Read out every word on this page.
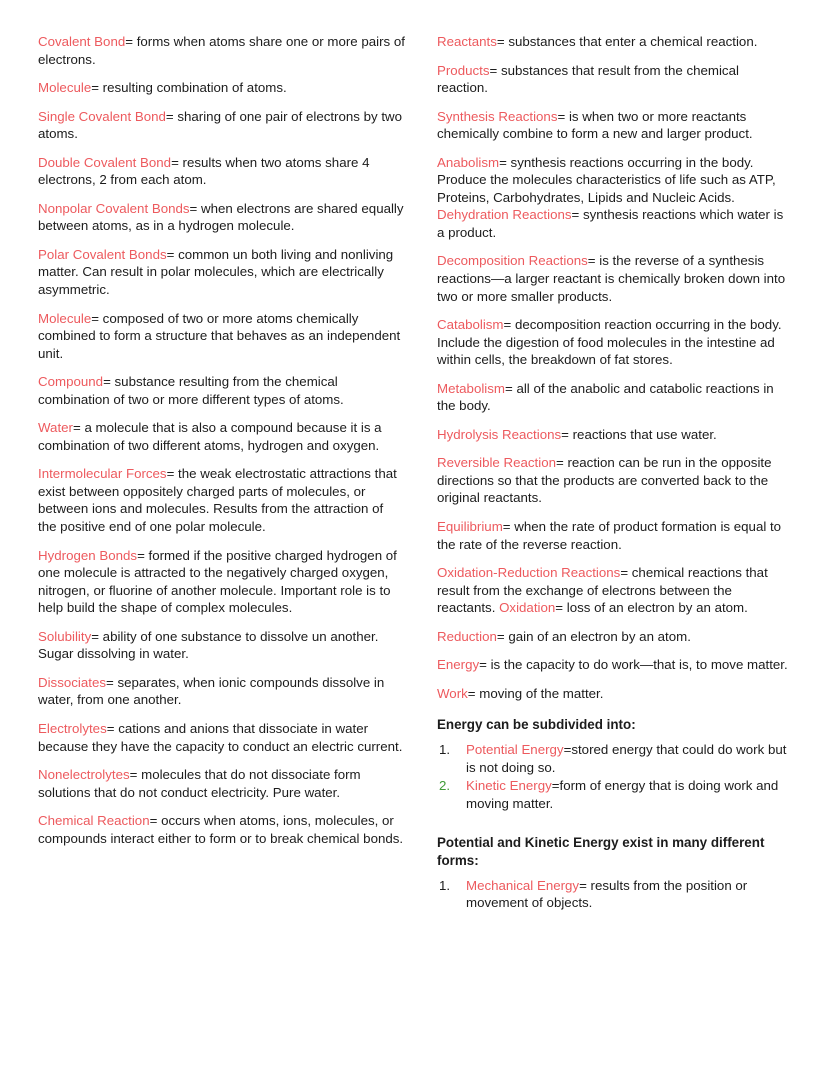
Covalent Bond= forms when atoms share one or more pairs of electrons.

Molecule= resulting combination of atoms.

Single Covalent Bond= sharing of one pair of electrons by two atoms.

Double Covalent Bond= results when two atoms share 4 electrons, 2 from each atom.

Nonpolar Covalent Bonds= when electrons are shared equally between atoms, as in a hydrogen molecule.

Polar Covalent Bonds= common un both living and nonliving matter. Can result in polar molecules, which are electrically asymmetric.

Molecule= composed of two or more atoms chemically combined to form a structure that behaves as an independent unit.

Compound= substance resulting from the chemical combination of two or more different types of atoms.

Water= a molecule that is also a compound because it is a combination of two different atoms, hydrogen and oxygen.

Intermolecular Forces= the weak electrostatic attractions that exist between oppositely charged parts of molecules, or between ions and molecules. Results from the attraction of the positive end of one polar molecule.

Hydrogen Bonds= formed if the positive charged hydrogen of one molecule is attracted to the negatively charged oxygen, nitrogen, or fluorine of another molecule. Important role is to help build the shape of complex molecules.

Solubility= ability of one substance to dissolve un another. Sugar dissolving in water.

Dissociates= separates, when ionic compounds dissolve in water, from one another.

Electrolytes= cations and anions that dissociate in water because they have the capacity to conduct an electric current.

Nonelectrolytes= molecules that do not dissociate form solutions that do not conduct electricity. Pure water.

Chemical Reaction= occurs when atoms, ions, molecules, or compounds interact either to form or to break chemical bonds.

Reactants= substances that enter a chemical reaction.

Products= substances that result from the chemical reaction.

Synthesis Reactions= is when two or more reactants chemically combine to form a new and larger product.

Anabolism= synthesis reactions occurring in the body. Produce the molecules characteristics of life such as ATP, Proteins, Carbohydrates, Lipids and Nucleic Acids.

Dehydration Reactions= synthesis reactions which water is a product.

Decomposition Reactions= is the reverse of a synthesis reactions—a larger reactant is chemically broken down into two or more smaller products.

Catabolism= decomposition reaction occurring in the body. Include the digestion of food molecules in the intestine ad within cells, the breakdown of fat stores.

Metabolism= all of the anabolic and catabolic reactions in the body.

Hydrolysis Reactions= reactions that use water.

Reversible Reaction= reaction can be run in the opposite directions so that the products are converted back to the original reactants.

Equilibrium= when the rate of product formation is equal to the rate of the reverse reaction.

Oxidation-Reduction Reactions= chemical reactions that result from the exchange of electrons between the reactants. Oxidation= loss of an electron by an atom.

Reduction= gain of an electron by an atom.

Energy= is the capacity to do work—that is, to move matter.

Work= moving of the matter.

Energy can be subdivided into:
1.	Potential Energy=stored energy that could do work but is not doing so.
2.	Kinetic Energy=form of energy that is doing work and moving matter.
Potential and Kinetic Energy exist in many different forms:
1.	Mechanical Energy= results from the position or movement of objects.
